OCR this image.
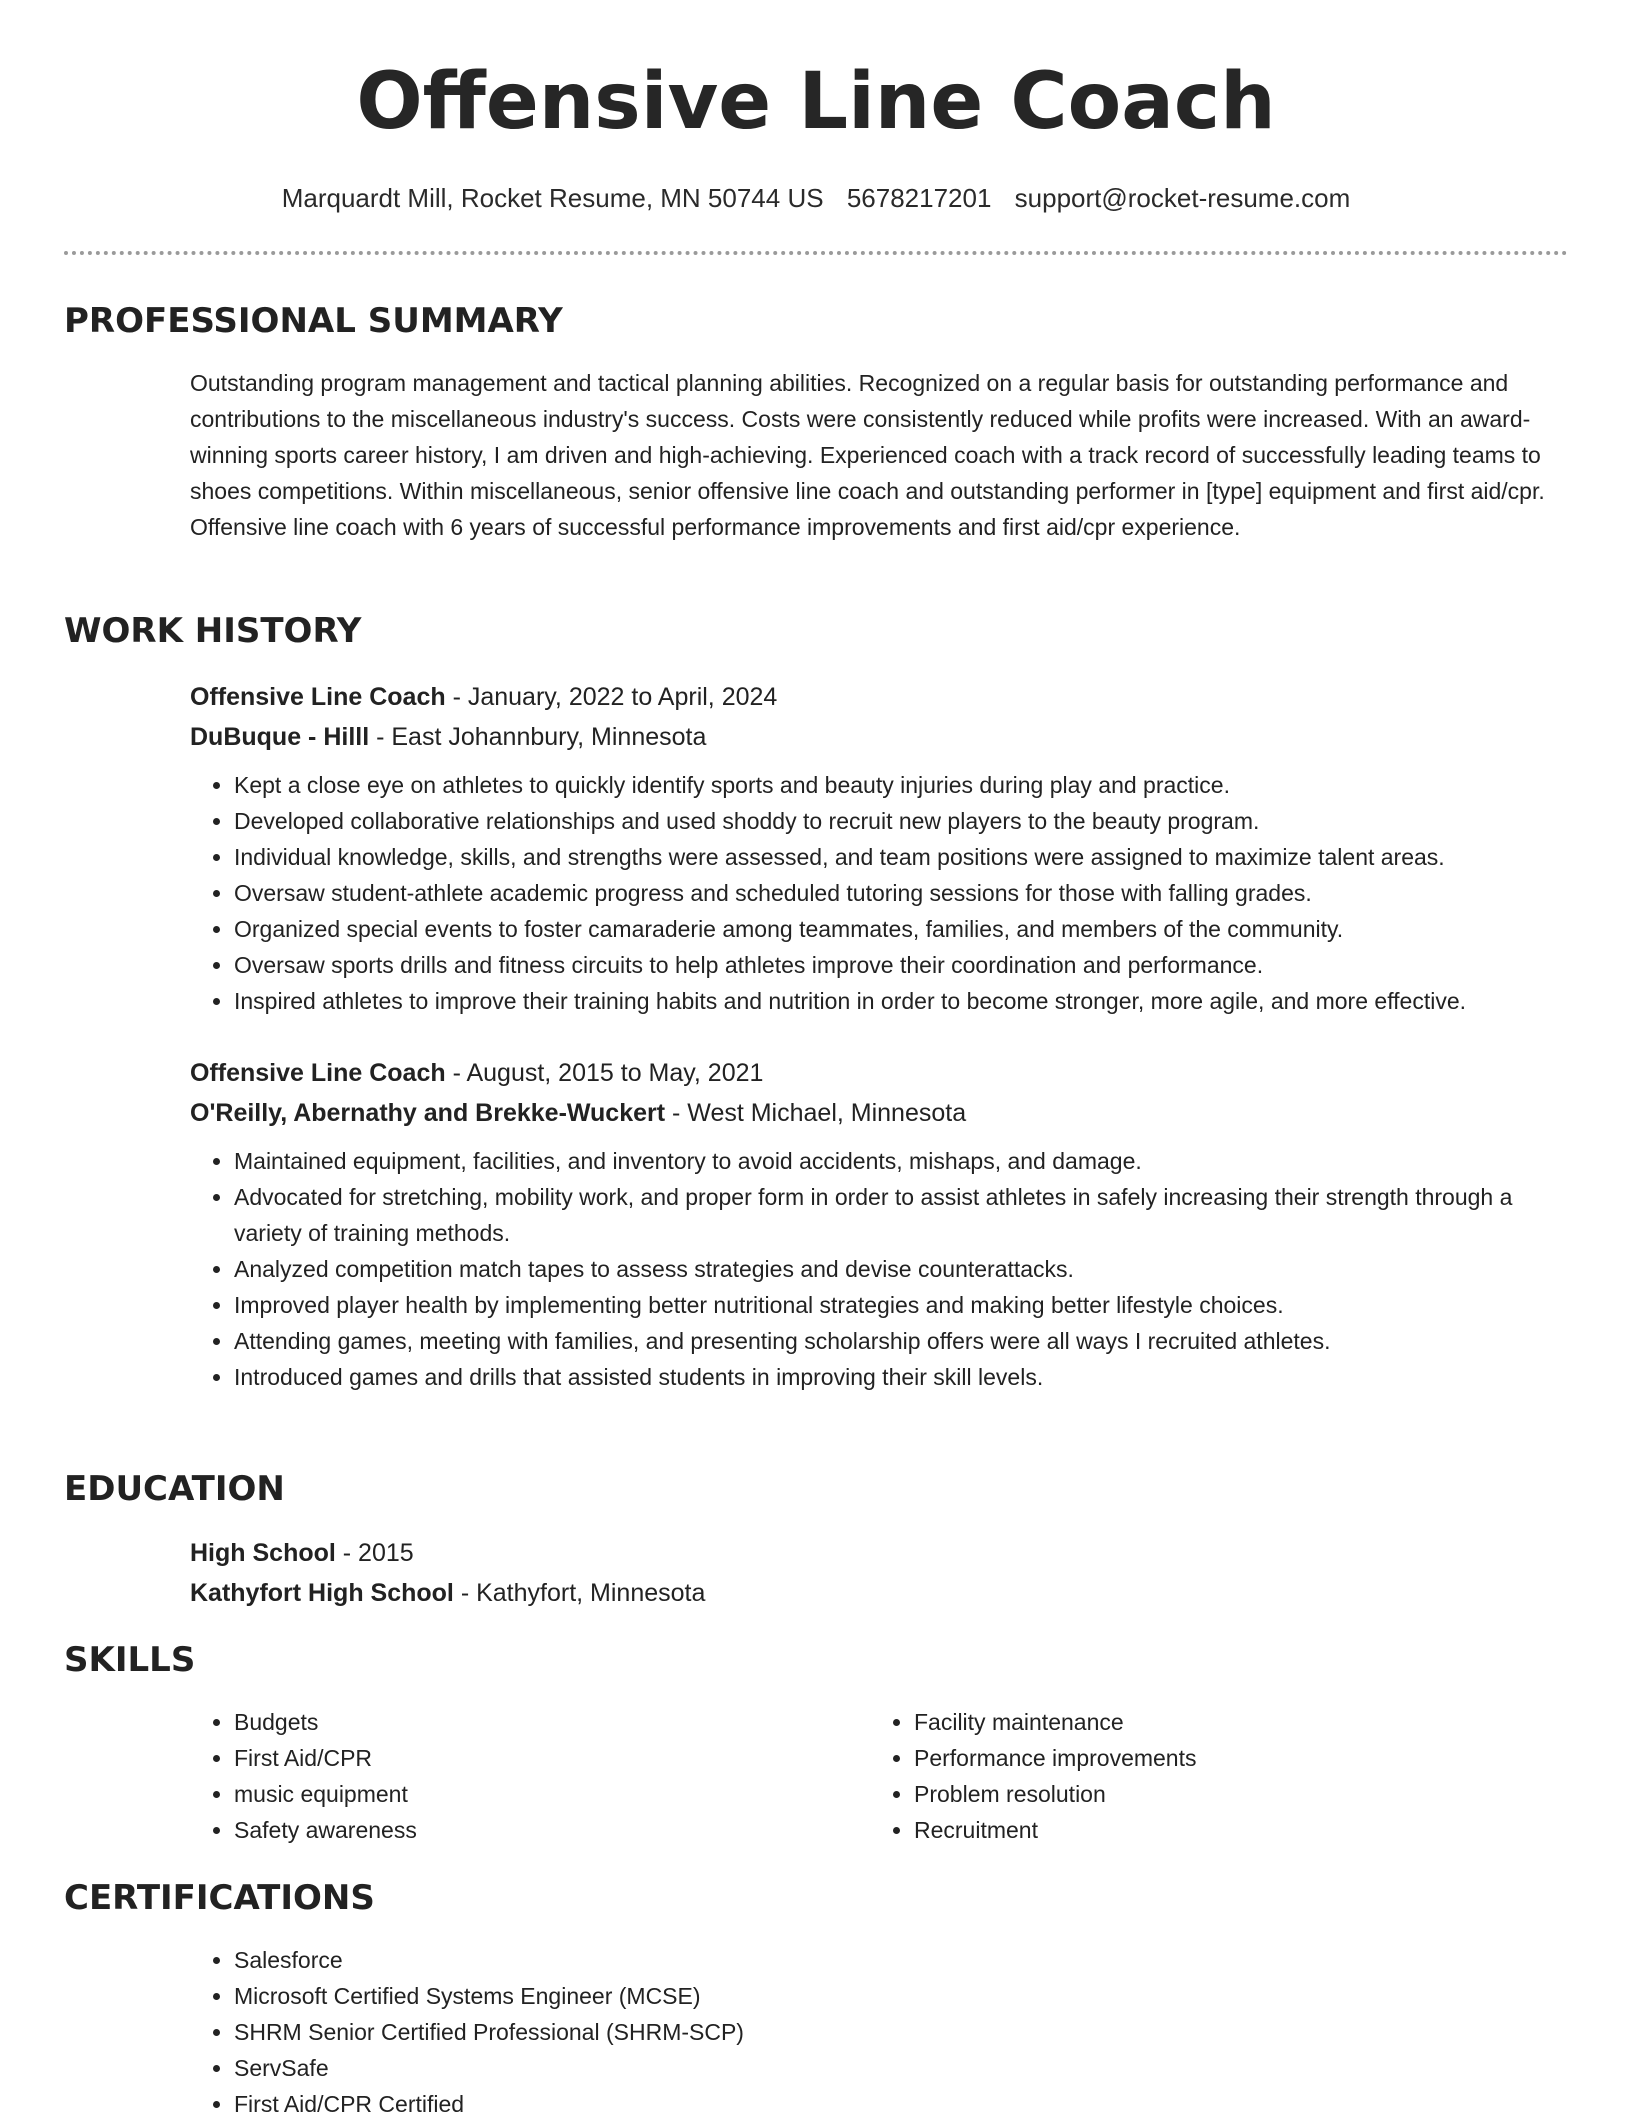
Offensive Line Coach
Marquardt Mill, Rocket Resume, MN 50744 US 5678217201 support@rocket-resume.com
PROFESSIONAL SUMMARY

Outstanding program management and tactical planning abilities. Recognized on a regular basis for outstanding performance and contributions to the miscellaneous industry's success. Costs were consistently reduced while profits were increased. With an award-winning sports career history, I am driven and high-achieving. Experienced coach with a track record of successfully leading teams to shoes competitions. Within miscellaneous, senior offensive line coach and outstanding performer in [type] equipment and first aid/cpr. Offensive line coach with 6 years of successful performance improvements and first aid/cpr experience.

WORK HISTORY
Offensive Line Coach - January, 2022 to April, 2024
DuBuque - Hilll - East Johannbury, Minnesota
• Kept a close eye on athletes to quickly identify sports and beauty injuries during play and practice.
• Developed collaborative relationships and used shoddy to recruit new players to the beauty program.
• Individual knowledge, skills, and strengths were assessed, and team positions were assigned to maximize talent areas.
• Oversaw student-athlete academic progress and scheduled tutoring sessions for those with falling grades.
• Organized special events to foster camaraderie among teammates, families, and members of the community.
• Oversaw sports drills and fitness circuits to help athletes improve their coordination and performance.
• Inspired athletes to improve their training habits and nutrition in order to become stronger, more agile, and more effective.
Offensive Line Coach - August, 2015 to May, 2021
O'Reilly, Abernathy and Brekke-Wuckert - West Michael, Minnesota
• Maintained equipment, facilities, and inventory to avoid accidents, mishaps, and damage.
• Advocated for stretching, mobility work, and proper form in order to assist athletes in safely increasing their strength through a variety of training methods.
• Analyzed competition match tapes to assess strategies and devise counterattacks.
• Improved player health by implementing better nutritional strategies and making better lifestyle choices.
• Attending games, meeting with families, and presenting scholarship offers were all ways I recruited athletes.
• Introduced games and drills that assisted students in improving their skill levels.
EDUCATION
High School - 2015
Kathyfort High School - Kathyfort, Minnesota
SKILLS
• Budgets
• First Aid/CPR
• music equipment
• Safety awareness
• Facility maintenance
• Performance improvements
• Problem resolution
• Recruitment
CERTIFICATIONS
• Salesforce
• Microsoft Certified Systems Engineer (MCSE)
• SHRM Senior Certified Professional (SHRM-SCP)
• ServSafe
• First Aid/CPR Certified
